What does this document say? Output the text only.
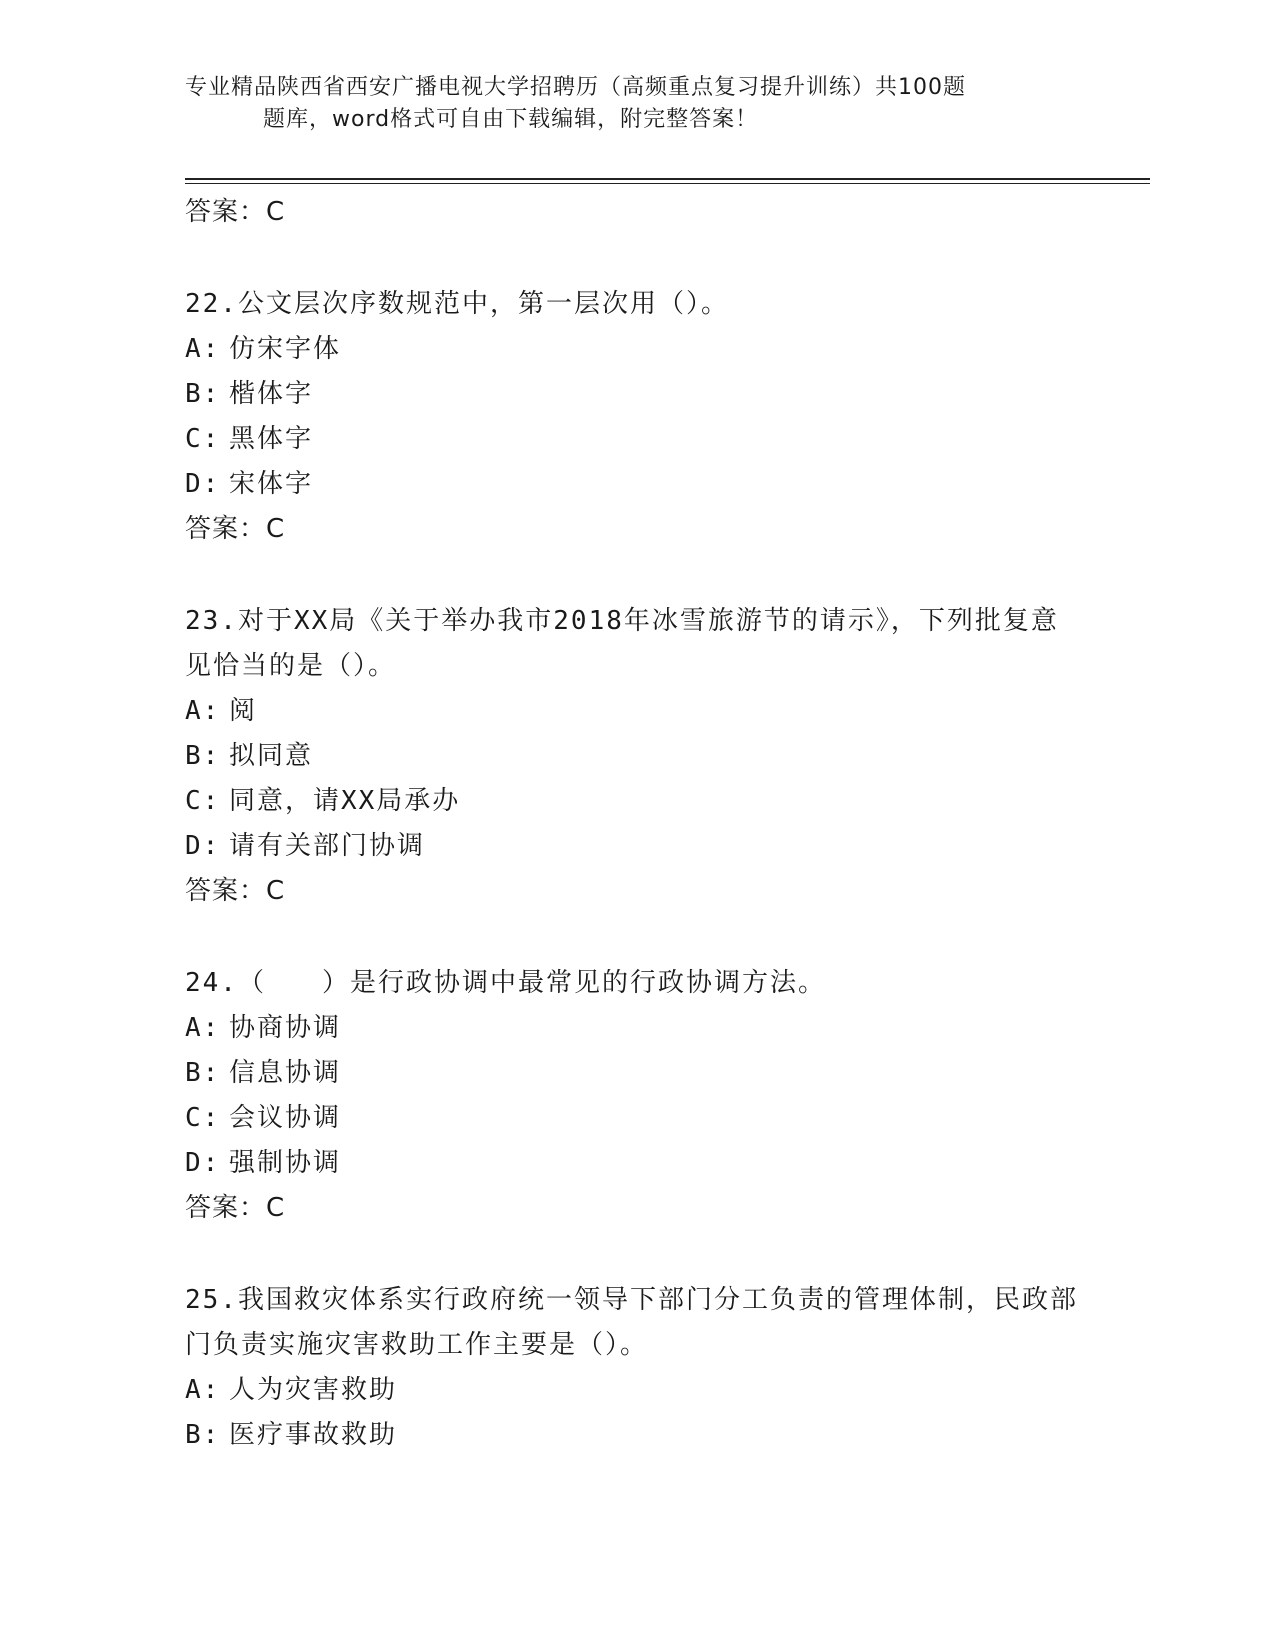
专业精品陕西省西安广播电视大学招聘历（高频重点复习提升训练）共100题
题库，word格式可自由下载编辑，附完整答案！
答案：C
22.公文层次序数规范中，第一层次用（）。
A: 仿宋字体
B: 楷体字
C: 黑体字
D: 宋体字
答案：C
23.对于XX局《关于举办我市2018年冰雪旅游节的请示》，下列批复意见恰当的是（）。
A: 阅
B: 拟同意
C: 同意，请XX局承办
D: 请有关部门协调
答案：C
24.（　　）是行政协调中最常见的行政协调方法。
A: 协商协调
B: 信息协调
C: 会议协调
D: 强制协调
答案：C
25.我国救灾体系实行政府统一领导下部门分工负责的管理体制，民政部门负责实施灾害救助工作主要是（）。
A: 人为灾害救助
B: 医疗事故救助
